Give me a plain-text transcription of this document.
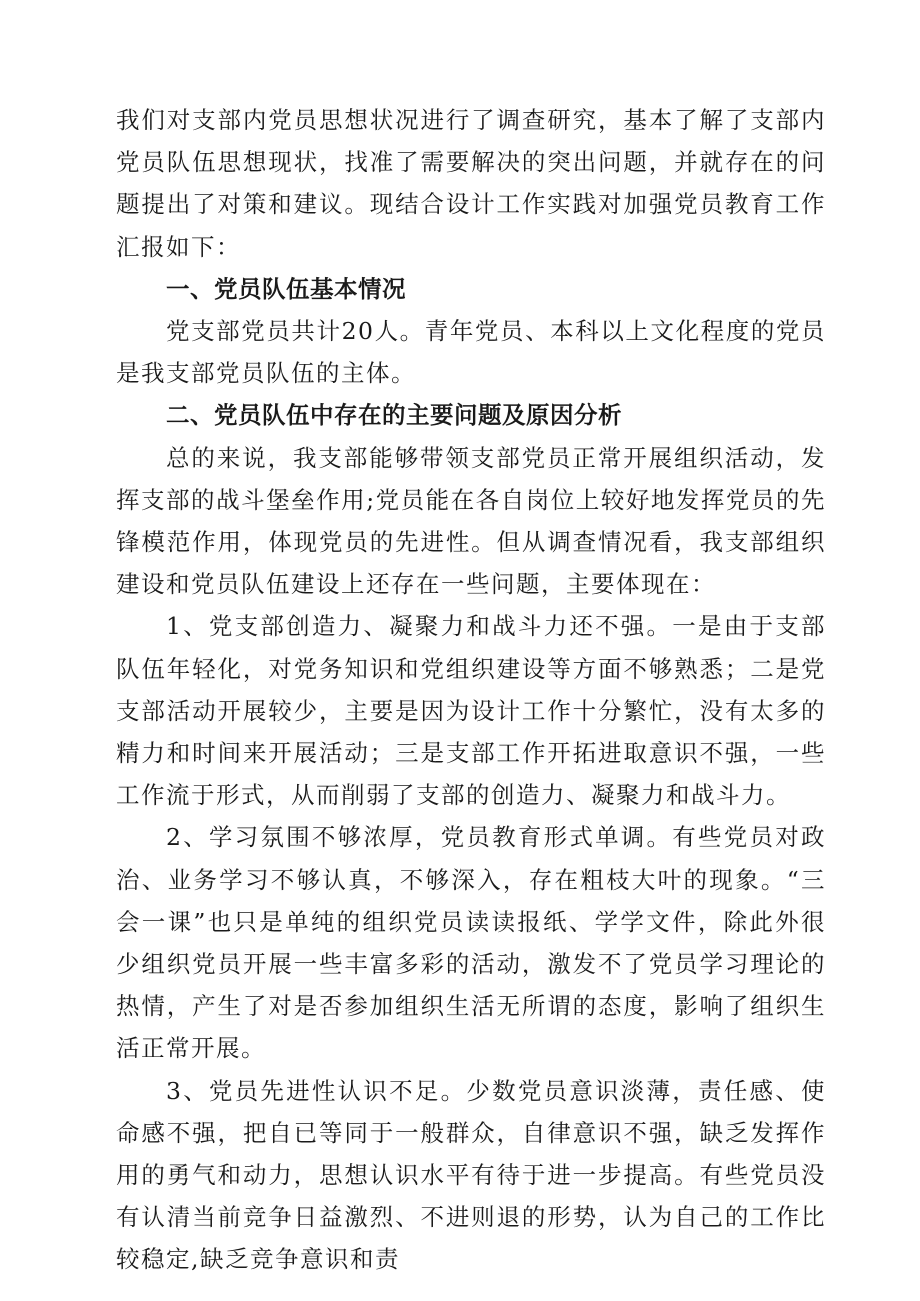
我们对支部内党员思想状况进行了调查研究，基本了解了支部内党员队伍思想现状，找准了需要解决的突出问题，并就存在的问题提出了对策和建议。现结合设计工作实践对加强党员教育工作汇报如下：

一、党员队伍基本情况

党支部党员共计20人。青年党员、本科以上文化程度的党员是我支部党员队伍的主体。

二、党员队伍中存在的主要问题及原因分析

总的来说，我支部能够带领支部党员正常开展组织活动，发挥支部的战斗堡垒作用;党员能在各自岗位上较好地发挥党员的先锋模范作用，体现党员的先进性。但从调查情况看，我支部组织建设和党员队伍建设上还存在一些问题，主要体现在：

1、党支部创造力、凝聚力和战斗力还不强。一是由于支部队伍年轻化，对党务知识和党组织建设等方面不够熟悉；二是党支部活动开展较少，主要是因为设计工作十分繁忙，没有太多的精力和时间来开展活动；三是支部工作开拓进取意识不强，一些工作流于形式，从而削弱了支部的创造力、凝聚力和战斗力。

2、学习氛围不够浓厚，党员教育形式单调。有些党员对政治、业务学习不够认真，不够深入，存在粗枝大叶的现象。“三会一课”也只是单纯的组织党员读读报纸、学学文件，除此外很少组织党员开展一些丰富多彩的活动，激发不了党员学习理论的热情，产生了对是否参加组织生活无所谓的态度，影响了组织生活正常开展。

3、党员先进性认识不足。少数党员意识淡薄，责任感、使命感不强，把自已等同于一般群众，自律意识不强，缺乏发挥作用的勇气和动力，思想认识水平有待于进一步提高。有些党员没有认清当前竞争日益激烈、不进则退的形势，认为自己的工作比较稳定,缺乏竞争意识和责
